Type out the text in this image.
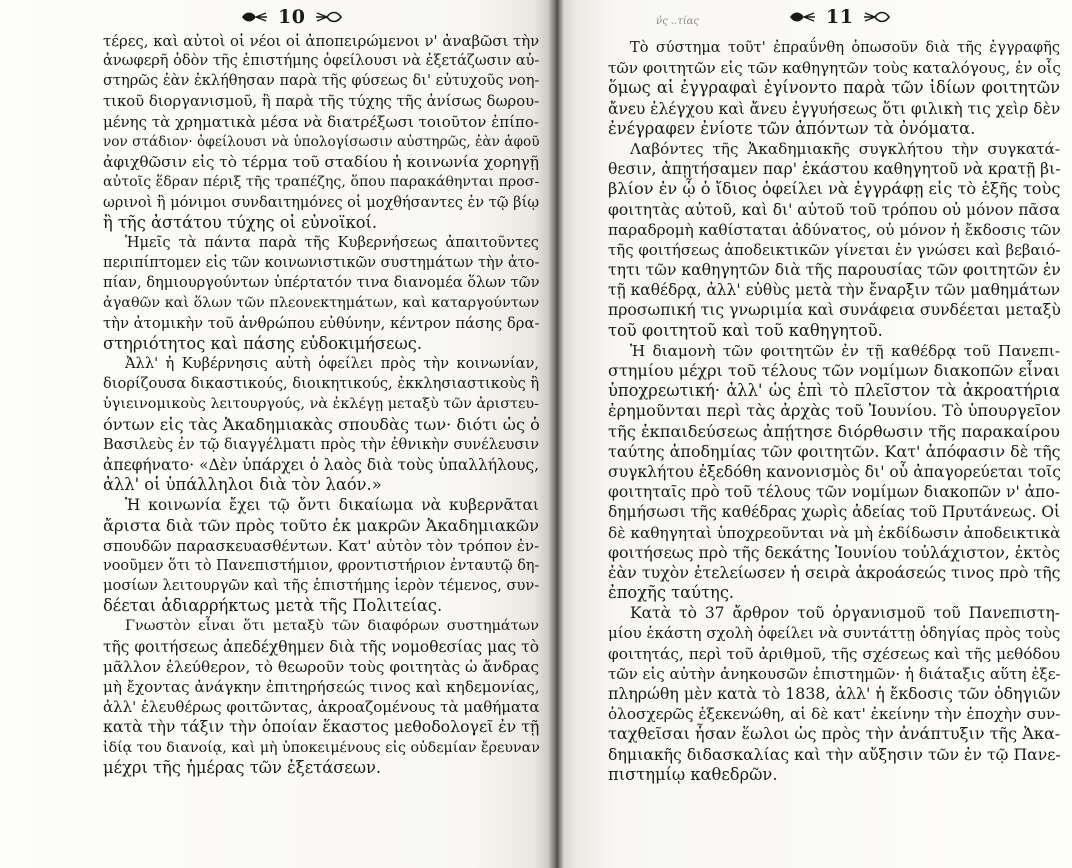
10
τέρες, καὶ αὐτοὶ οἱ νέοι οἱ ἀποπειρώμενοι ν' ἀναβῶσι τὴν
ἀνωφερῆ ὁδὸν τῆς ἐπιστήμης ὀφείλουσι νὰ ἐξετάζωσιν αὐ-
στηρῶς ἐὰν ἐκλήθησαν παρὰ τῆς φύσεως δι' εὐτυχοῦς νοη-
τικοῦ διοργανισμοῦ, ἢ παρὰ τῆς τύχης τῆς ἀνίσως δωρου-
μένης τὰ χρηματικὰ μέσα νὰ διατρέξωσι τοιοῦτον ἐπίπο-
νον στάδιον· ὀφείλουσι νὰ ὑπολογίσωσιν αὐστηρῶς, ἐὰν ἀφοῦ
ἀφιχθῶσιν εἰς τὸ τέρμα τοῦ σταδίου ἡ κοινωνία χορηγῇ
αὐτοῖς ἕδραν πέριξ τῆς τραπέζης, ὅπου παρακάθηνται προσ-
ωρινοὶ ἢ μόνιμοι συνδαιτημόνες οἱ μοχθήσαντες ἐν τῷ βίῳ
ἢ τῆς ἀστάτου τύχης οἱ εὐνοϊκοί.
Ἡμεῖς τὰ πάντα παρὰ τῆς Κυβερνήσεως ἀπαιτοῦντες
περιπίπτομεν εἰς τῶν κοινωνιστικῶν συστημάτων τὴν ἀτο-
πίαν, δημιουργούντων ὑπέρτατόν τινα διανομέα ὅλων τῶν
ἀγαθῶν καὶ ὅλων τῶν πλεονεκτημάτων, καὶ καταργούντων
τὴν ἀτομικὴν τοῦ ἀνθρώπου εὐθύνην, κέντρον πάσης δρα-
στηριότητος καὶ πάσης εὐδοκιμήσεως.
Ἀλλ' ἡ Κυβέρνησις αὐτὴ ὀφείλει πρὸς τὴν κοινωνίαν,
διορίζουσα δικαστικούς, διοικητικούς, ἐκκλησιαστικοὺς ἢ
ὑγιεινομικοὺς λειτουργούς, νὰ ἐκλέγῃ μεταξὺ τῶν ἀριστευ-
όντων εἰς τὰς Ἀκαδημιακὰς σπουδὰς των· διότι ὡς ὁ
Βασιλεὺς ἐν τῷ διαγγέλματι πρὸς τὴν ἐθνικὴν συνέλευσιν
ἀπεφήνατο· «Δὲν ὑπάρχει ὁ λαὸς διὰ τοὺς ὑπαλλήλους,
ἀλλ' οἱ ὑπάλληλοι διὰ τὸν λαόν.»
Ἡ κοινωνία ἔχει τῷ ὄντι δικαίωμα νὰ κυβερνᾶται
ἄριστα διὰ τῶν πρὸς τοῦτο ἐκ μακρῶν Ἀκαδημιακῶν
σπουδῶν παρασκευασθέντων. Κατ' αὐτὸν τὸν τρόπον ἐν-
νοοῦμεν ὅτι τὸ Πανεπιστήμιον, φροντιστήριον ἐνταυτῷ δη-
μοσίων λειτουργῶν καὶ τῆς ἐπιστήμης ἱερὸν τέμενος, συν-
δέεται ἀδιαρρήκτως μετὰ τῆς Πολιτείας.
Γνωστὸν εἶναι ὅτι μεταξὺ τῶν διαφόρων συστημάτων
τῆς φοιτήσεως ἀπεδέχθημεν διὰ τῆς νομοθεσίας μας τὸ
μᾶλλον ἐλεύθερον, τὸ θεωροῦν τοὺς φοιτητὰς ὡ ἄνδρας
μὴ ἔχοντας ἀνάγκην ἐπιτηρήσεώς τινος καὶ κηδεμονίας,
ἀλλ' ἐλευθέρως φοιτῶντας, ἀκροαζομένους τὰ μαθήματα
κατὰ τὴν τάξιν τὴν ὁποίαν ἕκαστος μεθοδολογεῖ ἐν τῇ
ἰδίᾳ του διανοίᾳ, καὶ μὴ ὑποκειμένους εἰς οὐδεμίαν ἔρευναν
μέχρι τῆς ἡμέρας τῶν ἐξετάσεων.
ν̓ς ..τίας	11
Τὸ σύστημα τοῦτ' ἐπραΰνθη ὁπωσοῦν διὰ τῆς ἐγγραφῆς
τῶν φοιτητῶν εἰς τῶν καθηγητῶν τοὺς καταλόγους, ἐν οἷς
ὅμως αἱ ἐγγραφαὶ ἐγίνοντο παρὰ τῶν ἰδίων φοιτητῶν
ἄνευ ἐλέγχου καὶ ἄνευ ἐγγυήσεως ὅτι φιλικὴ τις χεὶρ δὲν
ἐνέγραφεν ἐνίοτε τῶν ἀπόντων τὰ ὀνόματα.
Λαβόντες τῆς Ἀκαδημιακῆς συγκλήτου τὴν συγκατά-
θεσιν, ἀπῃτήσαμεν παρ' ἑκάστου καθηγητοῦ νὰ κρατῇ βι-
βλίον ἐν ᾧ ὁ ἴδιος ὀφείλει νὰ ἐγγράφῃ εἰς τὸ ἑξῆς τοὺς
φοιτητὰς αὐτοῦ, καὶ δι' αὐτοῦ τοῦ τρόπου οὐ μόνον πᾶσα
παραδρομὴ καθίσταται ἀδύνατος, οὐ μόνον ἡ ἔκδοσις τῶν
τῆς φοιτήσεως ἀποδεικτικῶν γίνεται ἐν γνώσει καὶ βεβαιό-
τητι τῶν καθηγητῶν διὰ τῆς παρουσίας τῶν φοιτητῶν ἐν
τῇ καθέδρᾳ, ἀλλ' εὐθὺς μετὰ τὴν ἔναρξιν τῶν μαθημάτων
προσωπική τις γνωριμία καὶ συνάφεια συνδέεται μεταξὺ
τοῦ φοιτητοῦ καὶ τοῦ καθηγητοῦ.
Ἡ διαμονὴ τῶν φοιτητῶν ἐν τῇ καθέδρᾳ τοῦ Πανεπι-
στημίου μέχρι τοῦ τέλους τῶν νομίμων διακοπῶν εἶναι
ὑποχρεωτική· ἀλλ' ὡς ἐπὶ τὸ πλεῖστον τὰ ἀκροατήρια
ἐρημοῦνται περὶ τὰς ἀρχὰς τοῦ Ἰουνίου. Τὸ ὑπουργεῖον
τῆς ἐκπαιδεύσεως ἀπῄτησε διόρθωσιν τῆς παρακαίρου
ταύτης ἀποδημίας τῶν φοιτητῶν. Κατ' ἀπόφασιν δὲ τῆς
συγκλήτου ἐξεδόθη κανονισμὸς δι' οὗ ἀπαγορεύεται τοῖς
φοιτηταῖς πρὸ τοῦ τέλους τῶν νομίμων διακοπῶν ν' ἀπο-
δημήσωσι τῆς καθέδρας χωρὶς ἀδείας τοῦ Πρυτάνεως. Οἱ
δὲ καθηγηταὶ ὑποχρεοῦνται νὰ μὴ ἐκδίδωσιν ἀποδεικτικὰ
φοιτήσεως πρὸ τῆς δεκάτης Ἰουνίου τοὐλάχιστον, ἐκτὸς
ἐὰν τυχὸν ἐτελείωσεν ἡ σειρὰ ἀκροάσεώς τινος πρὸ τῆς
ἐποχῆς ταύτης.
Κατὰ τὸ 37 ἄρθρον τοῦ ὀργανισμοῦ τοῦ Πανεπιστη-
μίου ἑκάστη σχολὴ ὀφείλει νὰ συντάττῃ ὁδηγίας πρὸς τοὺς
φοιτητάς, περὶ τοῦ ἀριθμοῦ, τῆς σχέσεως καὶ τῆς μεθόδου
τῶν εἰς αὐτὴν ἀνηκουσῶν ἐπιστημῶν· ἡ διάταξις αὕτη ἐξε-
πληρώθη μὲν κατὰ τὸ 1838, ἀλλ' ἡ ἔκδοσις τῶν ὁδηγιῶν
ὁλοσχερῶς ἐξεκενώθη, αἱ δὲ κατ' ἐκείνην τὴν ἐποχὴν συν-
ταχθεῖσαι ἦσαν ἕωλοι ὡς πρὸς τὴν ἀνάπτυξιν τῆς Ἀκα-
δημιακῆς διδασκαλίας καὶ τὴν αὔξησιν τῶν ἐν τῷ Πανε-
πιστημίῳ καθεδρῶν.
